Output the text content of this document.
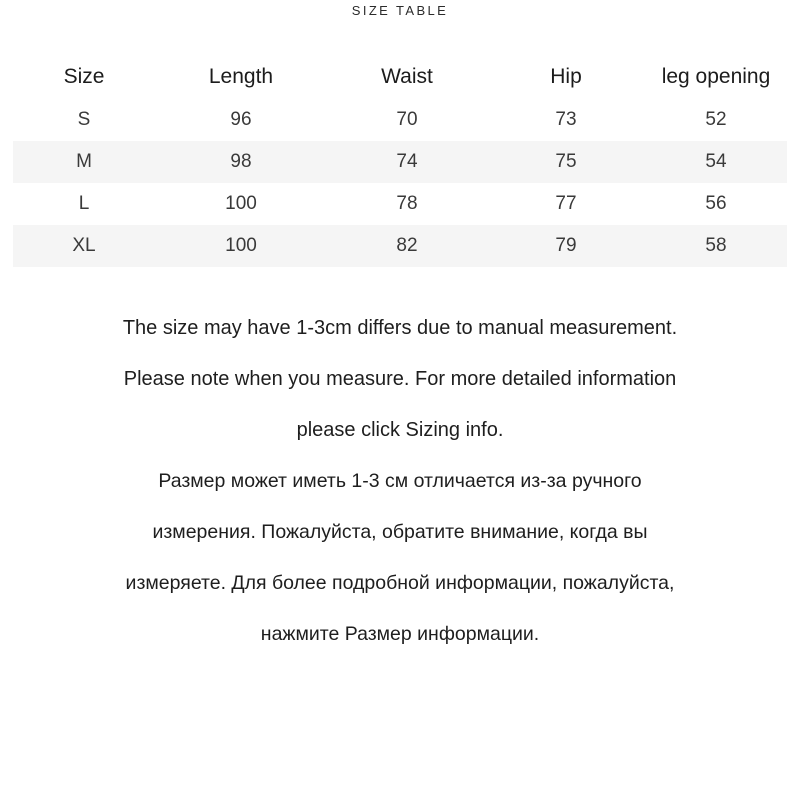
SIZE TABLE
Size	Length	Waist	Hip	leg opening
S	96	70	73	52
M	98	74	75	54
L	100	78	77	56
XL	100	82	79	58
The size may have 1-3cm differs due to manual measurement.
Please note when you measure. For more detailed information
please click Sizing info.
Размер может иметь 1-3 см отличается из-за ручного
измерения. Пожалуйста, обратите внимание, когда вы
измеряете. Для более подробной информации, пожалуйста,
нажмите Размер информации.
